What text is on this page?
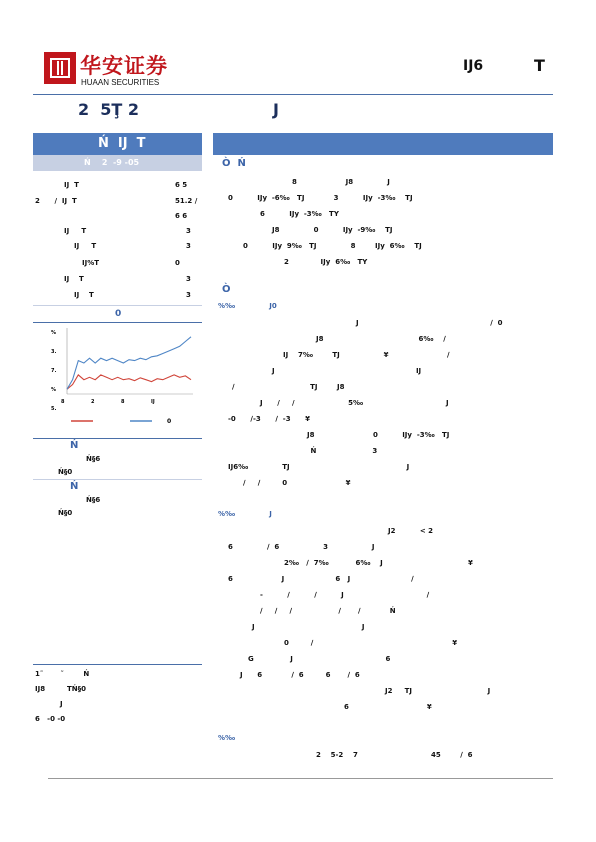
华安证券
HUAAN SECURITIES
IJ6	T
2  5Ţ 2	J
Ń  IJ  T
Ń    2  -9 -05
IJ  T	6 5
2      /  IJ  T	51.2 /
6 6
IJ     T	3
IJ     T	3
IJ%T	0
IJ    T	3
IJ    T	3
0
%
3.
7.
%
5.
8	2	8	IJ
0
Ń
Ń§6
Ń§0
Ń
Ń§6
Ń§0
1˜       ˜        Ń
IJ8         TŃ§0
J
6   -0 -0
Ò  Ń
8                    J8              J
0          IJy  -6‰   TJ            3          IJy  -3‰    TJ
6          IJy  -3‰   TY
J8              0          IJy  -9‰    TJ
0          IJy  9‰   TJ              8        IJy  6‰    TJ
2             IJy  6‰   TY
Ò
%‰              J0
J                                                      ∕  0
J8                                       6‰    ∕
IJ    7‰        TJ                  ¥                        ∕
J                                                          IJ
∕                               TJ        J8
J      /     /                      5‰                                  J
-0      ∕-3      ∕  -3      ¥
J8                        0          IJy  -3‰   TJ
Ń                       3
IJ6‰              TJ                                                J
∕     ∕         0                        ¥
%‰              J
J2          < 2
6              ∕  6                  3                  J
2‰   ∕  7‰           6‰    J                                   ¥
6                    J                     6   J                         ∕
-          ∕          ∕          J                                  ∕
∕     ∕     ∕                   ∕       ∕            Ń
J                                            J
0         ∕                                                         ¥
G               J                                      6
J      6            ∕  6         6       ∕  6
J2     TJ                               J
6                                ¥
%‰
2    5-2    7                              45        ∕  6
